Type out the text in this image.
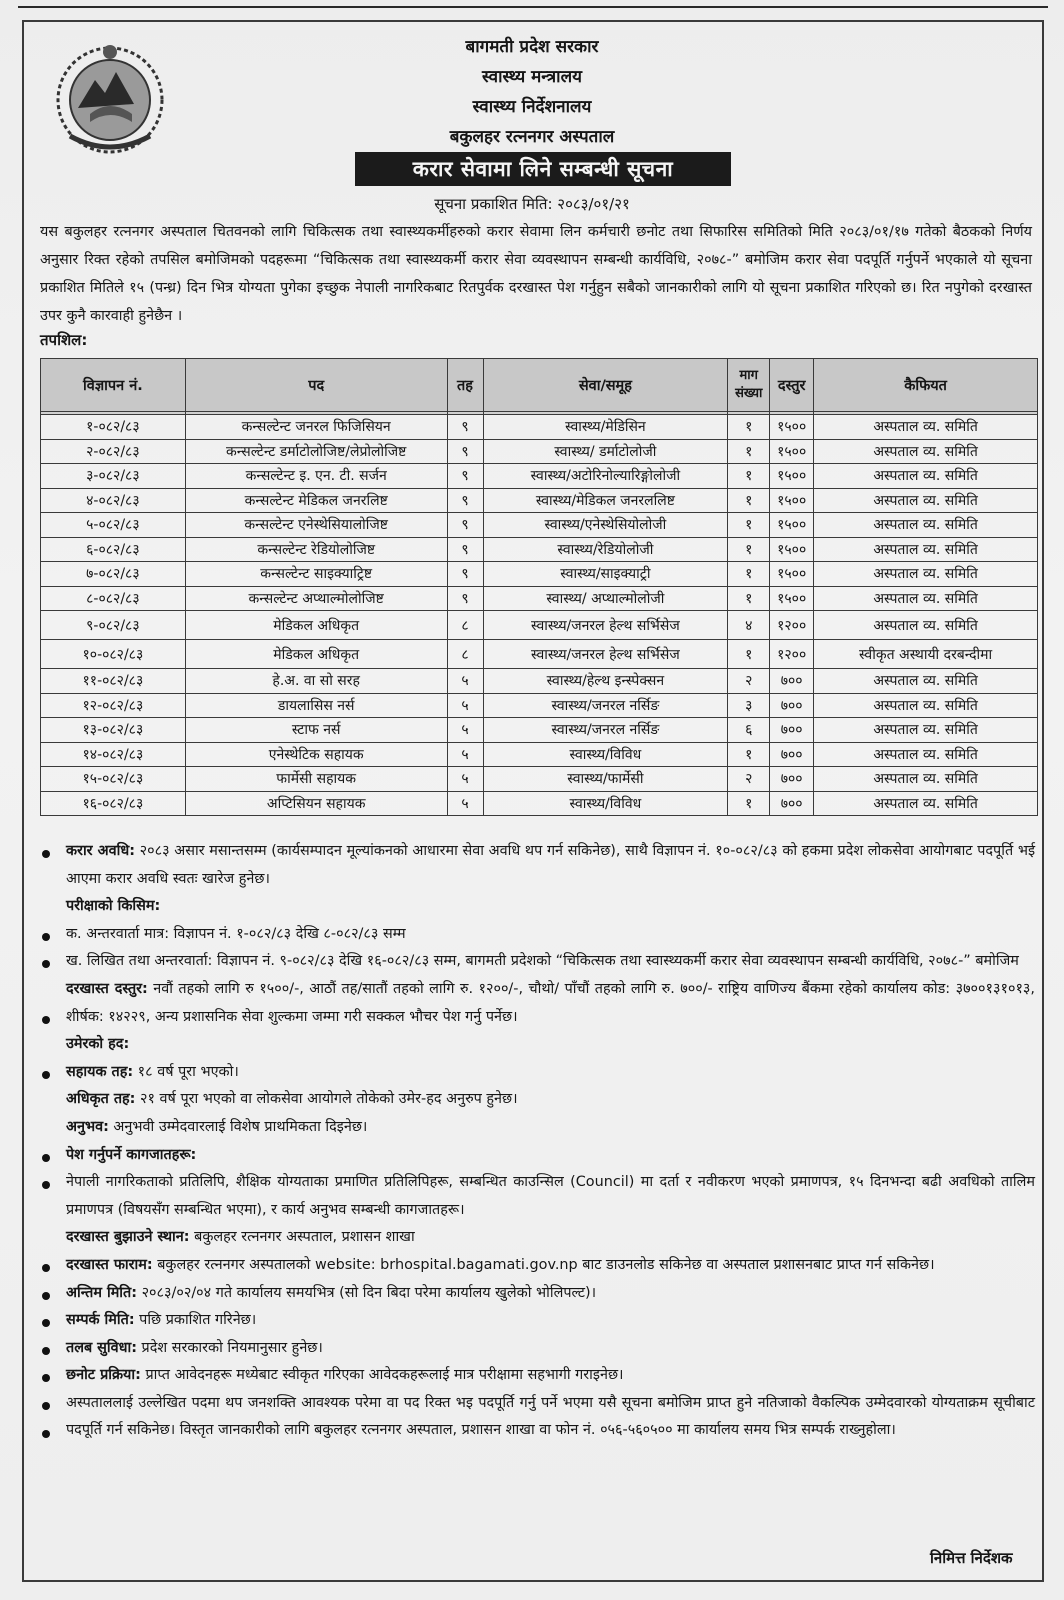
बागमती प्रदेश सरकार
स्वास्थ्य मन्त्रालय
स्वास्थ्य निर्देशनालय
बकुलहर रत्ननगर अस्पताल
करार सेवामा लिने सम्बन्धी सूचना
सूचना प्रकाशित मिति: २०८३/०१/२१
यस बकुलहर रत्ननगर अस्पताल चितवनको लागि चिकित्सक तथा स्वास्थ्यकर्मीहरुको करार सेवामा लिन कर्मचारी छनोट तथा सिफारिस समितिको मिति २०८३/०१/१७ गतेको बैठकको निर्णय अनुसार रिक्त रहेको तपसिल बमोजिमको पदहरूमा “चिकित्सक तथा स्वास्थ्यकर्मी करार सेवा व्यवस्थापन सम्बन्धी कार्यविधि, २०७८-” बमोजिम करार सेवा पदपूर्ति गर्नुपर्ने भएकाले यो सूचना प्रकाशित मितिले १५ (पन्ध्र) दिन भित्र योग्यता पुगेका इच्छुक नेपाली नागरिकबाट रितपुर्वक दरखास्त पेश गर्नुहुन सबैको जानकारीको लागि यो सूचना प्रकाशित गरिएको छ। रित नपुगेको दरखास्त उपर कुनै कारवाही हुनेछैन ।
तपशिल:
विज्ञापन नं.	पद	तह	सेवा/समूह	माग संख्या	दस्तुर	कैफियत

१-०८२/८३	कन्सल्टेन्ट जनरल फिजिसियन	९	स्वास्थ्य/मेडिसिन	१	१५००	अस्पताल व्य. समिति
२-०८२/८३	कन्सल्टेन्ट डर्माटोलोजिष्ट/लेप्रोलोजिष्ट	९	स्वास्थ्य/ डर्माटोलोजी	१	१५००	अस्पताल व्य. समिति
३-०८२/८३	कन्सल्टेन्ट इ. एन. टी. सर्जन	९	स्वास्थ्य/अटोरिनोल्यारिङ्गोलोजी	१	१५००	अस्पताल व्य. समिति
४-०८२/८३	कन्सल्टेन्ट मेडिकल जनरलिष्ट	९	स्वास्थ्य/मेडिकल जनरललिष्ट	१	१५००	अस्पताल व्य. समिति
५-०८२/८३	कन्सल्टेन्ट एनेस्थेसियालोजिष्ट	९	स्वास्थ्य/एनेस्थेसियोलोजी	१	१५००	अस्पताल व्य. समिति
६-०८२/८३	कन्सल्टेन्ट रेडियोलोजिष्ट	९	स्वास्थ्य/रेडियोलोजी	१	१५००	अस्पताल व्य. समिति
७-०८२/८३	कन्सल्टेन्ट साइक्याट्रिष्ट	९	स्वास्थ्य/साइक्याट्री	१	१५००	अस्पताल व्य. समिति
८-०८२/८३	कन्सल्टेन्ट अप्थाल्मोलोजिष्ट	९	स्वास्थ्य/ अप्थाल्मोलोजी	१	१५००	अस्पताल व्य. समिति
९-०८२/८३	मेडिकल अधिकृत	८	स्वास्थ्य/जनरल हेल्थ सर्भिसेज	४	१२००	अस्पताल व्य. समिति
१०-०८२/८३	मेडिकल अधिकृत	८	स्वास्थ्य/जनरल हेल्थ सर्भिसेज	१	१२००	स्वीकृत अस्थायी दरबन्दीमा
११-०८२/८३	हे.अ. वा सो सरह	५	स्वास्थ्य/हेल्थ इन्स्पेक्सन	२	७००	अस्पताल व्य. समिति
१२-०८२/८३	डायलासिस नर्स	५	स्वास्थ्य/जनरल नर्सिङ	३	७००	अस्पताल व्य. समिति
१३-०८२/८३	स्टाफ नर्स	५	स्वास्थ्य/जनरल नर्सिङ	६	७००	अस्पताल व्य. समिति
१४-०८२/८३	एनेस्थेटिक सहायक	५	स्वास्थ्य/विविध	१	७००	अस्पताल व्य. समिति
१५-०८२/८३	फार्मेसी सहायक	५	स्वास्थ्य/फार्मेसी	२	७००	अस्पताल व्य. समिति
१६-०८२/८३	अप्टिसियन सहायक	५	स्वास्थ्य/विविध	१	७००	अस्पताल व्य. समिति
करार अवधि: २०८३ असार मसान्तसम्म (कार्यसम्पादन मूल्यांकनको आधारमा सेवा अवधि थप गर्न सकिनेछ), साथै विज्ञापन नं. १०-०८२/८३ को हकमा प्रदेश लोकसेवा आयोगबाट पदपूर्ति भई आएमा करार अवधि स्वतः खारेज हुनेछ।
परीक्षाको किसिम:
क. अन्तरवार्ता मात्र: विज्ञापन नं. १-०८२/८३ देखि ८-०८२/८३ सम्म
ख. लिखित तथा अन्तरवार्ता: विज्ञापन नं. ९-०८२/८३ देखि १६-०८२/८३ सम्म, बागमती प्रदेशको “चिकित्सक तथा स्वास्थ्यकर्मी करार सेवा व्यवस्थापन सम्बन्धी कार्यविधि, २०७८-” बमोजिम
दरखास्त दस्तुर: नवौं तहको लागि रु १५००/-, आठौं तह/सातौं तहको लागि रु. १२००/-, चौथो/ पाँचौं तहको लागि रु. ७००/- राष्ट्रिय वाणिज्य बैंकमा रहेको कार्यालय कोड: ३७००१३१०१३, शीर्षक: १४२२९, अन्य प्रशासनिक सेवा शुल्कमा जम्मा गरी सक्कल भौचर पेश गर्नु पर्नेछ।
उमेरको हद:
सहायक तह: १८ वर्ष पूरा भएको।
अधिकृत तह: २१ वर्ष पूरा भएको वा लोकसेवा आयोगले तोकेको उमेर-हद अनुरुप हुनेछ।
अनुभव: अनुभवी उम्मेदवारलाई विशेष प्राथमिकता दिइनेछ।
पेश गर्नुपर्ने कागजातहरू:
नेपाली नागरिकताको प्रतिलिपि, शैक्षिक योग्यताका प्रमाणित प्रतिलिपिहरू, सम्बन्धित काउन्सिल (Council) मा दर्ता र नवीकरण भएको प्रमाणपत्र, १५ दिनभन्दा बढी अवधिको तालिम प्रमाणपत्र (विषयसँग सम्बन्धित भएमा), र कार्य अनुभव सम्बन्धी कागजातहरू।
दरखास्त बुझाउने स्थान: बकुलहर रत्ननगर अस्पताल, प्रशासन शाखा
दरखास्त फाराम: बकुलहर रत्ननगर अस्पतालको website: brhospital.bagamati.gov.np बाट डाउनलोड सकिनेछ वा अस्पताल प्रशासनबाट प्राप्त गर्न सकिनेछ।
अन्तिम मिति: २०८३/०२/०४ गते कार्यालय समयभित्र (सो दिन बिदा परेमा कार्यालय खुलेको भोलिपल्ट)।
सम्पर्क मिति: पछि प्रकाशित गरिनेछ।
तलब सुविधा: प्रदेश सरकारको नियमानुसार हुनेछ।
छनोट प्रक्रिया: प्राप्त आवेदनहरू मध्येबाट स्वीकृत गरिएका आवेदकहरूलाई मात्र परीक्षामा सहभागी गराइनेछ।
अस्पताललाई उल्लेखित पदमा थप जनशक्ति आवश्यक परेमा वा पद रिक्त भइ पदपूर्ति गर्नु पर्ने भएमा यसै सूचना बमोजिम प्राप्त हुने नतिजाको वैकल्पिक उम्मेदवारको योग्यताक्रम सूचीबाट पदपूर्ति गर्न सकिनेछ। विस्तृत जानकारीको लागि बकुलहर रत्ननगर अस्पताल, प्रशासन शाखा वा फोन नं. ०५६-५६०५०० मा कार्यालय समय भित्र सम्पर्क राख्नुहोला।
निमित्त निर्देशक
